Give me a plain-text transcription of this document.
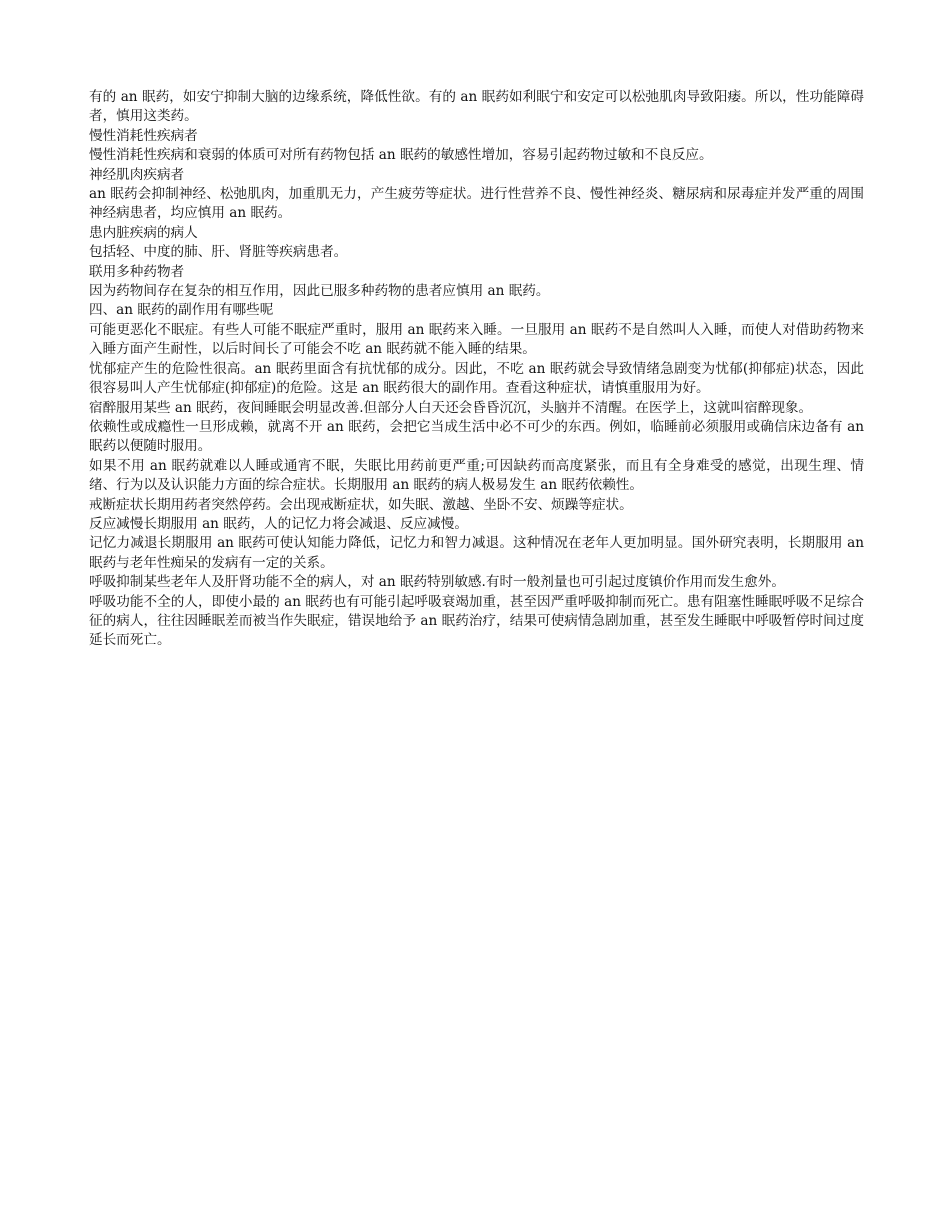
有的 an 眠药，如安宁抑制大脑的边缘系统，降低性欲。有的 an 眠药如利眠宁和安定可以松弛肌肉导致阳痿。所以，性功能障碍者，慎用这类药。

慢性消耗性疾病者

慢性消耗性疾病和衰弱的体质可对所有药物包括 an 眠药的敏感性增加，容易引起药物过敏和不良反应。

神经肌肉疾病者

an 眠药会抑制神经、松弛肌肉，加重肌无力，产生疲劳等症状。进行性营养不良、慢性神经炎、糖尿病和尿毒症并发严重的周围神经病患者，均应慎用 an 眠药。

患内脏疾病的病人

包括轻、中度的肺、肝、肾脏等疾病患者。

联用多种药物者

因为药物间存在复杂的相互作用，因此已服多种药物的患者应慎用 an 眠药。

四、an 眠药的副作用有哪些呢

可能更恶化不眠症。有些人可能不眠症严重时，服用 an 眠药来入睡。一旦服用 an 眠药不是自然叫人入睡，而使人对借助药物来入睡方面产生耐性，以后时间长了可能会不吃 an 眠药就不能入睡的结果。

忧郁症产生的危险性很高。an 眠药里面含有抗忧郁的成分。因此，不吃 an 眠药就会导致情绪急剧变为忧郁(抑郁症)状态，因此很容易叫人产生忧郁症(抑郁症)的危险。这是 an 眠药很大的副作用。查看这种症状，请慎重服用为好。

宿醉服用某些 an 眠药，夜间睡眠会明显改善.但部分人白天还会昏昏沉沉，头脑并不清醒。在医学上，这就叫宿醉现象。

依赖性或成瘾性一旦形成赖，就离不开 an 眠药，会把它当成生活中必不可少的东西。例如，临睡前必须服用或确信床边备有 an 眠药以便随时服用。

如果不用 an 眠药就难以人睡或通宵不眠，失眠比用药前更严重;可因缺药而高度紧张，而且有全身难受的感觉，出现生理、情绪、行为以及认识能力方面的综合症状。长期服用 an 眠药的病人极易发生 an 眠药依赖性。

戒断症状长期用药者突然停药。会出现戒断症状，如失眠、激越、坐卧不安、烦躁等症状。

反应减慢长期服用 an 眠药，人的记忆力将会减退、反应减慢。

记忆力减退长期服用 an 眠药可使认知能力降低，记忆力和智力减退。这种情况在老年人更加明显。国外研究表明，长期服用 an 眠药与老年性痴呆的发病有一定的关系。

呼吸抑制某些老年人及肝肾功能不全的病人，对 an 眠药特别敏感.有时一般剂量也可引起过度镇价作用而发生愈外。

呼吸功能不全的人，即使小最的 an 眠药也有可能引起呼吸衰竭加重，甚至因严重呼吸抑制而死亡。患有阻塞性睡眠呼吸不足综合征的病人，往往因睡眠差而被当作失眠症，错误地给予 an 眠药治疗，结果可使病情急剧加重，甚至发生睡眠中呼吸暂停时间过度延长而死亡。
